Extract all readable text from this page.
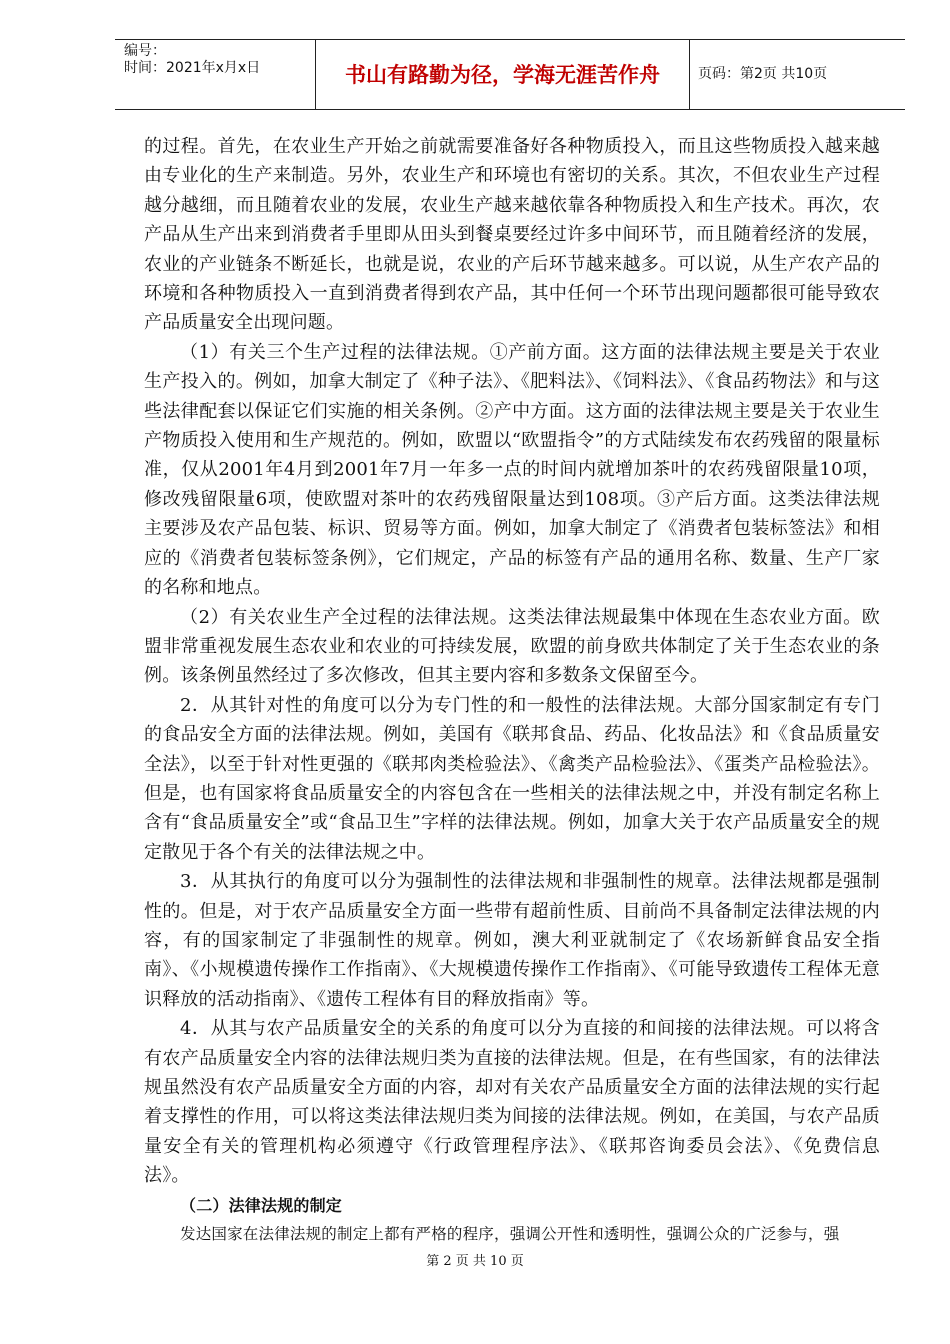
编号：
时间：2021年x月x日	书山有路勤为径，学海无涯苦作舟	页码：第2页 共10页

的过程。首先，在农业生产开始之前就需要准备好各种物质投入，而且这些物质投入越来越由专业化的生产来制造。另外，农业生产和环境也有密切的关系。其次，不但农业生产过程越分越细，而且随着农业的发展，农业生产越来越依靠各种物质投入和生产技术。再次，农产品从生产出来到消费者手里即从田头到餐桌要经过许多中间环节，而且随着经济的发展，农业的产业链条不断延长，也就是说，农业的产后环节越来越多。可以说，从生产农产品的环境和各种物质投入一直到消费者得到农产品，其中任何一个环节出现问题都很可能导致农产品质量安全出现问题。

（1）有关三个生产过程的法律法规。①产前方面。这方面的法律法规主要是关于农业生产投入的。例如，加拿大制定了《种子法》、《肥料法》、《饲料法》、《食品药物法》和与这些法律配套以保证它们实施的相关条例。②产中方面。这方面的法律法规主要是关于农业生产物质投入使用和生产规范的。例如，欧盟以“欧盟指令”的方式陆续发布农药残留的限量标准，仅从2001年4月到2001年7月一年多一点的时间内就增加茶叶的农药残留限量10项，修改残留限量6项，使欧盟对茶叶的农药残留限量达到108项。③产后方面。这类法律法规主要涉及农产品包装、标识、贸易等方面。例如，加拿大制定了《消费者包装标签法》和相应的《消费者包装标签条例》，它们规定，产品的标签有产品的通用名称、数量、生产厂家的名称和地点。

（2）有关农业生产全过程的法律法规。这类法律法规最集中体现在生态农业方面。欧盟非常重视发展生态农业和农业的可持续发展，欧盟的前身欧共体制定了关于生态农业的条例。该条例虽然经过了多次修改，但其主要内容和多数条文保留至今。

2．从其针对性的角度可以分为专门性的和一般性的法律法规。大部分国家制定有专门的食品安全方面的法律法规。例如，美国有《联邦食品、药品、化妆品法》和《食品质量安全法》，以至于针对性更强的《联邦肉类检验法》、《禽类产品检验法》、《蛋类产品检验法》。但是，也有国家将食品质量安全的内容包含在一些相关的法律法规之中，并没有制定名称上含有“食品质量安全”或“食品卫生”字样的法律法规。例如，加拿大关于农产品质量安全的规定散见于各个有关的法律法规之中。

3．从其执行的角度可以分为强制性的法律法规和非强制性的规章。法律法规都是强制性的。但是，对于农产品质量安全方面一些带有超前性质、目前尚不具备制定法律法规的内容，有的国家制定了非强制性的规章。例如，澳大利亚就制定了《农场新鲜食品安全指南》、《小规模遗传操作工作指南》、《大规模遗传操作工作指南》、《可能导致遗传工程体无意识释放的活动指南》、《遗传工程体有目的释放指南》等。

4．从其与农产品质量安全的关系的角度可以分为直接的和间接的法律法规。可以将含有农产品质量安全内容的法律法规归类为直接的法律法规。但是，在有些国家，有的法律法规虽然没有农产品质量安全方面的内容，却对有关农产品质量安全方面的法律法规的实行起着支撑性的作用，可以将这类法律法规归类为间接的法律法规。例如，在美国，与农产品质量安全有关的管理机构必须遵守《行政管理程序法》、《联邦咨询委员会法》、《免费信息法》。

（二）法律法规的制定

发达国家在法律法规的制定上都有严格的程序，强调公开性和透明性，强调公众的广泛参与，强

第 2 页 共 10 页
